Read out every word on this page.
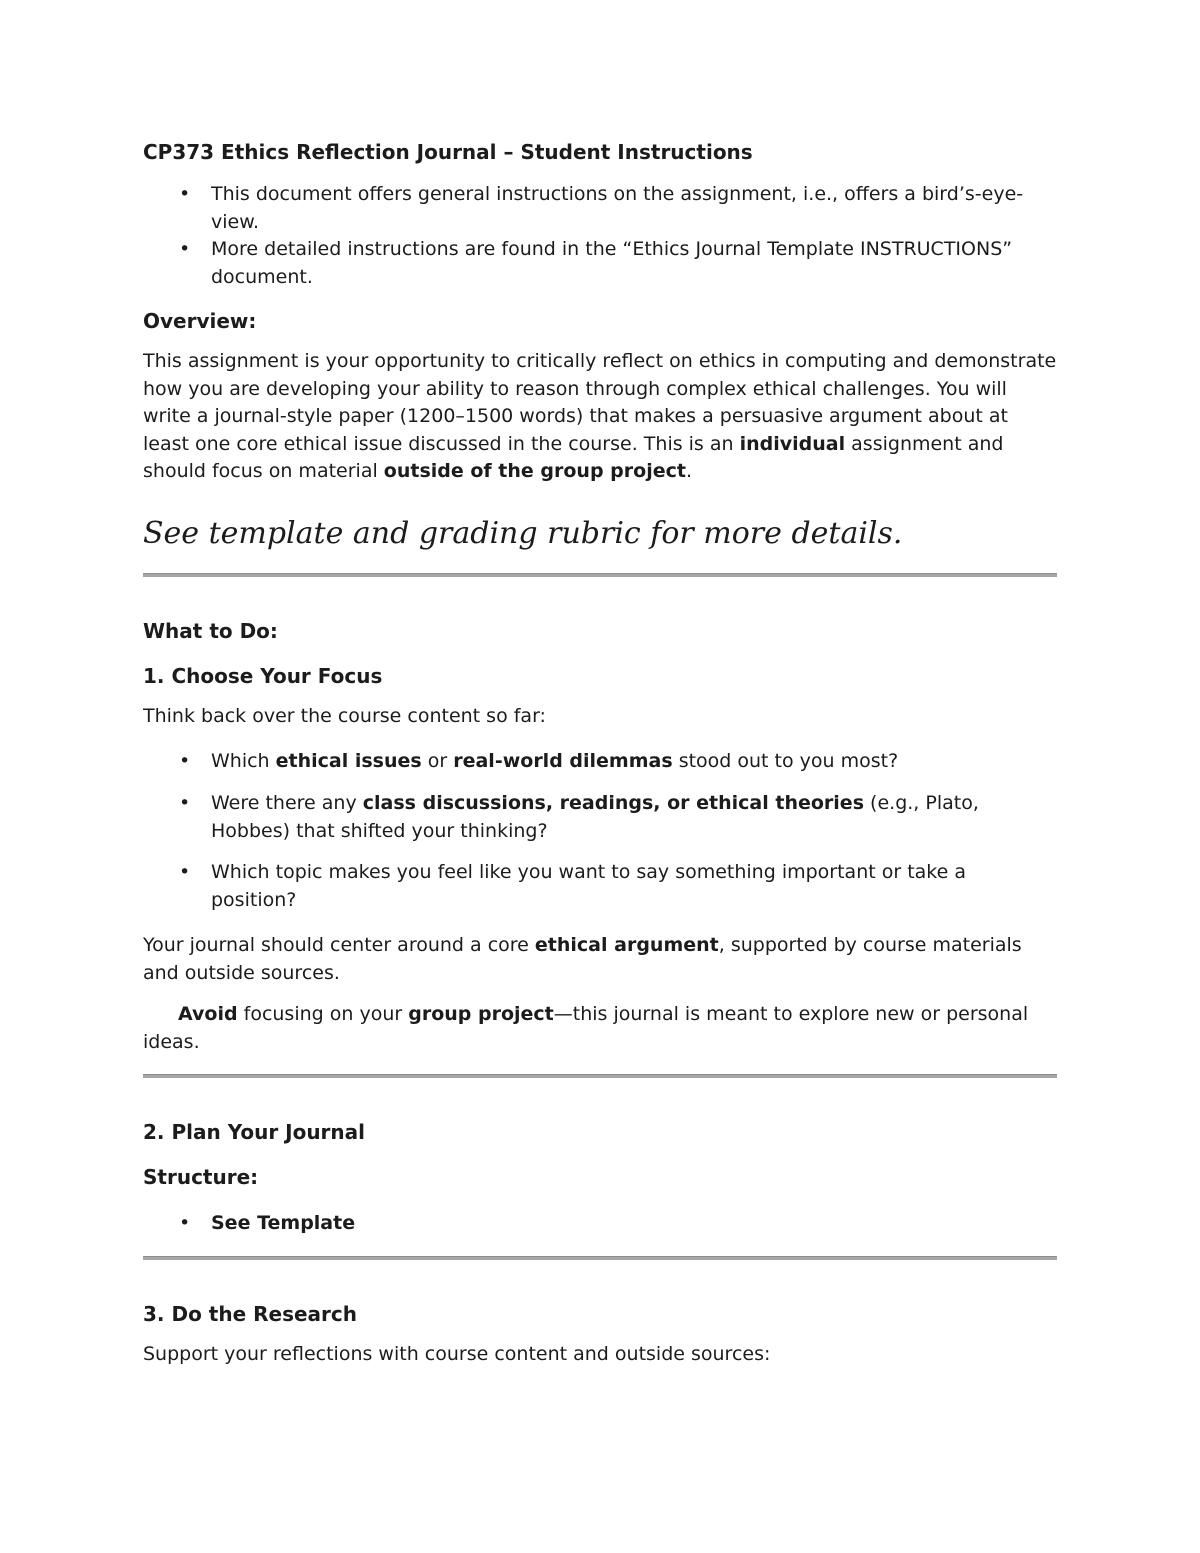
CP373 Ethics Reflection Journal – Student Instructions

• This document offers general instructions on the assignment, i.e., offers a bird’s-eye-view.
• More detailed instructions are found in the “Ethics Journal Template INSTRUCTIONS” document.

Overview:

This assignment is your opportunity to critically reflect on ethics in computing and demonstrate how you are developing your ability to reason through complex ethical challenges. You will write a journal-style paper (1200–1500 words) that makes a persuasive argument about at least one core ethical issue discussed in the course. This is an individual assignment and should focus on material outside of the group project.

See template and grading rubric for more details.

What to Do:

1. Choose Your Focus

Think back over the course content so far:

• Which ethical issues or real-world dilemmas stood out to you most?
• Were there any class discussions, readings, or ethical theories (e.g., Plato, Hobbes) that shifted your thinking?
• Which topic makes you feel like you want to say something important or take a position?

Your journal should center around a core ethical argument, supported by course materials and outside sources.

Avoid focusing on your group project—this journal is meant to explore new or personal ideas.

2. Plan Your Journal

Structure:

• See Template

3. Do the Research

Support your reflections with course content and outside sources:
